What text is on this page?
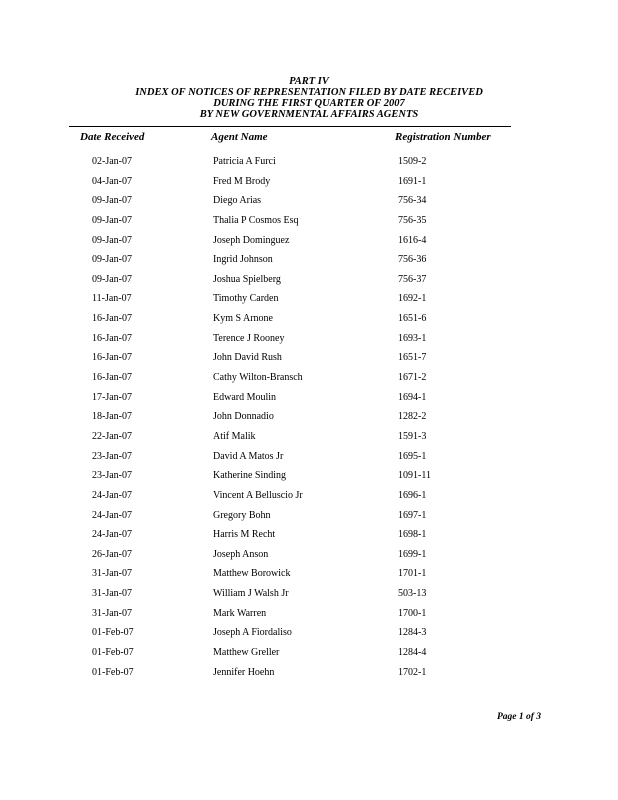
PART IV
INDEX OF NOTICES OF REPRESENTATION FILED BY DATE RECEIVED
DURING THE FIRST QUARTER OF 2007
BY NEW GOVERNMENTAL AFFAIRS AGENTS
Date Received	Agent Name	Registration Number
02-Jan-07	Patricia A Furci	1509-2
04-Jan-07	Fred M Brody	1691-1
09-Jan-07	Diego Arias	756-34
09-Jan-07	Thalia P Cosmos Esq	756-35
09-Jan-07	Joseph Dominguez	1616-4
09-Jan-07	Ingrid Johnson	756-36
09-Jan-07	Joshua Spielberg	756-37
11-Jan-07	Timothy Carden	1692-1
16-Jan-07	Kym S Arnone	1651-6
16-Jan-07	Terence J Rooney	1693-1
16-Jan-07	John David Rush	1651-7
16-Jan-07	Cathy Wilton-Bransch	1671-2
17-Jan-07	Edward Moulin	1694-1
18-Jan-07	John Donnadio	1282-2
22-Jan-07	Atif Malik	1591-3
23-Jan-07	David A Matos Jr	1695-1
23-Jan-07	Katherine Sinding	1091-11
24-Jan-07	Vincent A Belluscio Jr	1696-1
24-Jan-07	Gregory Bohn	1697-1
24-Jan-07	Harris M Recht	1698-1
26-Jan-07	Joseph Anson	1699-1
31-Jan-07	Matthew Borowick	1701-1
31-Jan-07	William J Walsh Jr	503-13
31-Jan-07	Mark Warren	1700-1
01-Feb-07	Joseph A Fiordaliso	1284-3
01-Feb-07	Matthew Greller	1284-4
01-Feb-07	Jennifer Hoehn	1702-1
Page 1 of 3
